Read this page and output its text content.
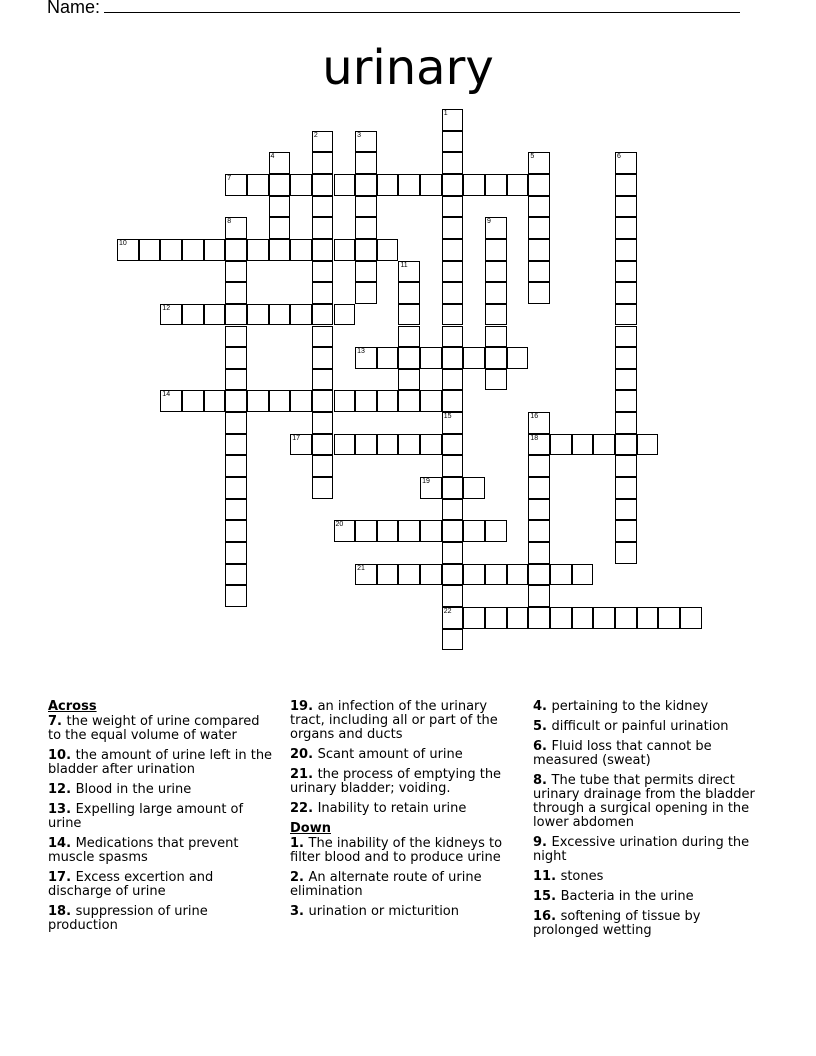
Name:
urinary
1
15
2	3
4	5	6
7
8	9
10
11
12
13
14
22
16
18
17
19
20
21
Across
7. the weight of urine compared to the equal volume of water
10. the amount of urine left in the bladder after urination
12. Blood in the urine
13. Expelling large amount of urine
14. Medications that prevent muscle spasms
17. Excess excertion and discharge of urine
18. suppression of urine production
19. an infection of the urinary tract, including all or part of the organs and ducts
20. Scant amount of urine
21. the process of emptying the urinary bladder; voiding.
22. Inability to retain urine
Down
1. The inability of the kidneys to filter blood and to produce urine
2. An alternate route of urine elimination
3. urination or micturition
4. pertaining to the kidney
5. difficult or painful urination
6. Fluid loss that cannot be measured (sweat)
8. The tube that permits direct urinary drainage from the bladder through a surgical opening in the lower abdomen
9. Excessive urination during the night
11. stones
15. Bacteria in the urine
16. softening of tissue by prolonged wetting
